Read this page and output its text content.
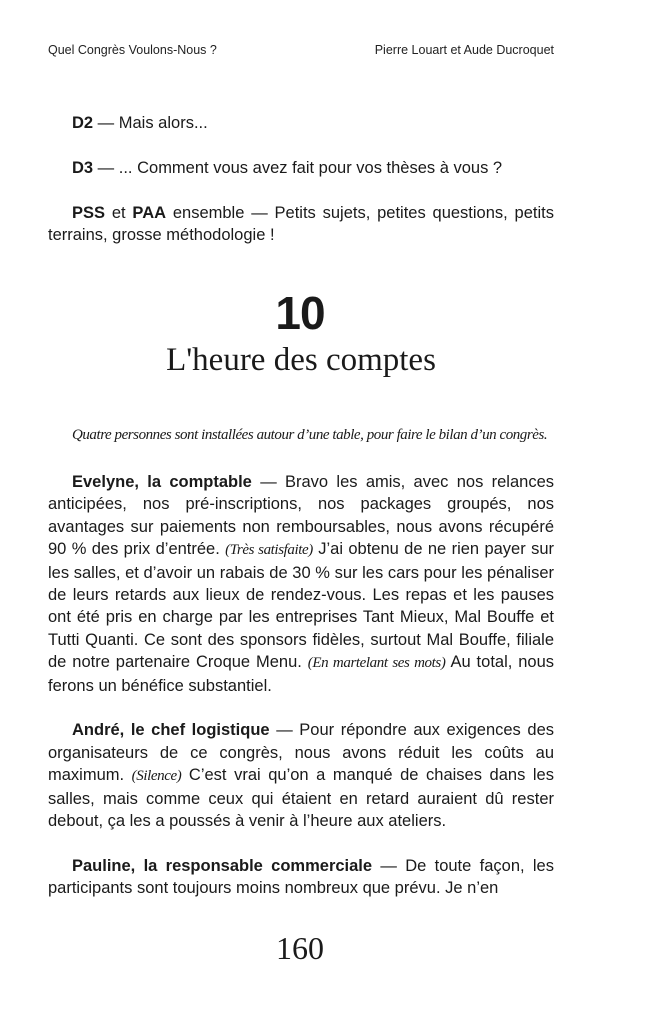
Quel Congrès Voulons-Nous ?	Pierre Louart et Aude Ducroquet

D2 — Mais alors...

D3 — ... Comment vous avez fait pour vos thèses à vous ?

PSS et PAA ensemble — Petits sujets, petites questions, petits terrains, grosse méthodologie !

10
L'heure des comptes
Quatre personnes sont installées autour d’une table, pour faire le bilan d’un congrès.

Evelyne, la comptable — Bravo les amis, avec nos relances anticipées, nos pré-inscriptions, nos packages groupés, nos avantages sur paiements non remboursables, nous avons récupéré 90 % des prix d’entrée. (Très satisfaite) J’ai obtenu de ne rien payer sur les salles, et d’avoir un rabais de 30 % sur les cars pour les pénaliser de leurs retards aux lieux de rendez-vous. Les repas et les pauses ont été pris en charge par les entreprises Tant Mieux, Mal Bouffe et Tutti Quanti. Ce sont des sponsors fidèles, surtout Mal Bouffe, filiale de notre partenaire Croque Menu. (En martelant ses mots) Au total, nous ferons un bénéfice substantiel.

André, le chef logistique — Pour répondre aux exigences des organisateurs de ce congrès, nous avons réduit les coûts au maximum. (Silence) C’est vrai qu’on a manqué de chaises dans les salles, mais comme ceux qui étaient en retard auraient dû rester debout, ça les a poussés à venir à l’heure aux ateliers.

Pauline, la responsable commerciale — De toute façon, les participants sont toujours moins nombreux que prévu. Je n’en

160
